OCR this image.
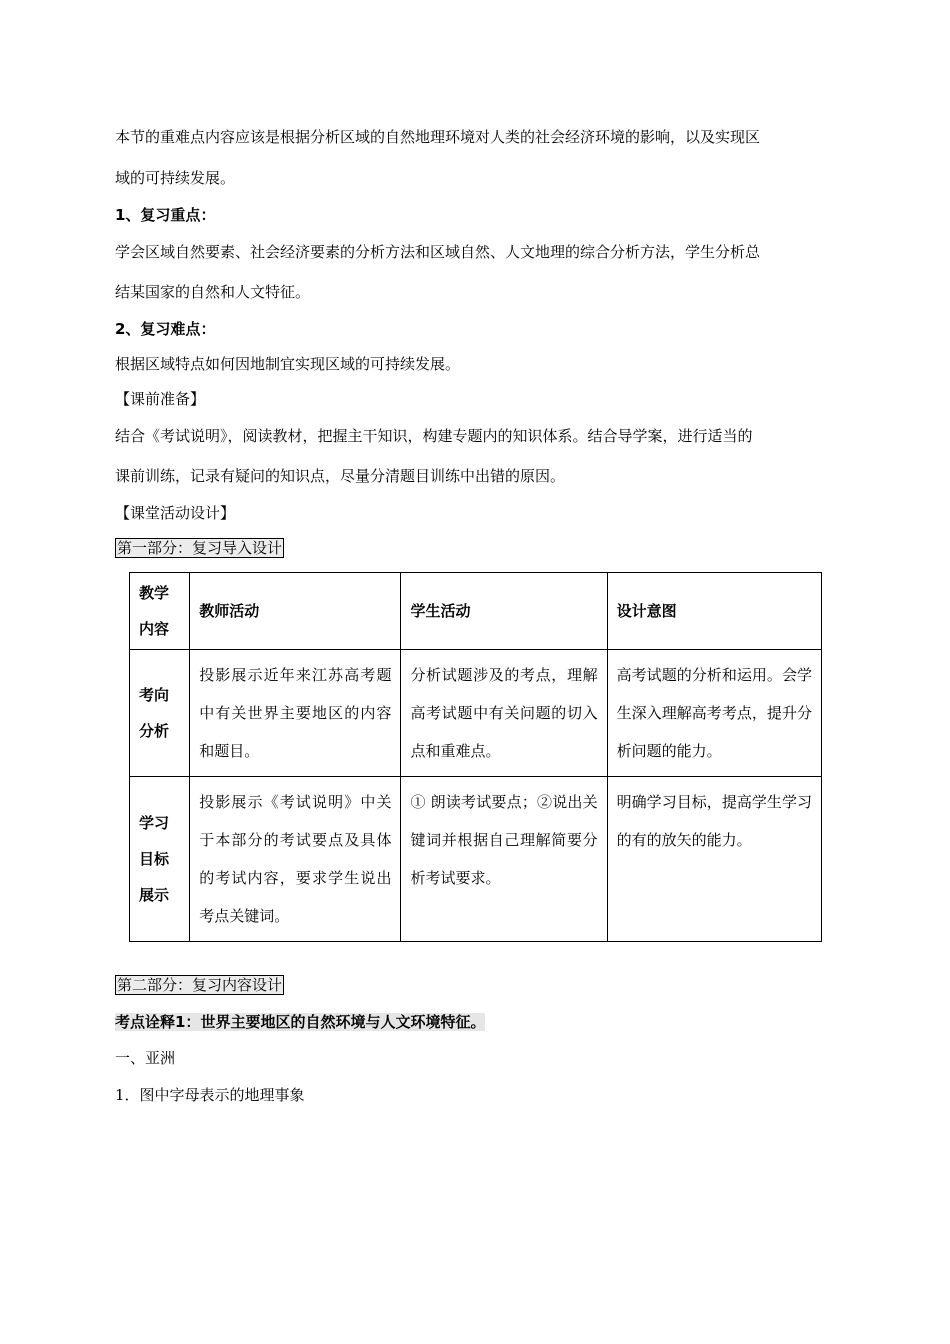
本节的重难点内容应该是根据分析区域的自然地理环境对人类的社会经济环境的影响，以及实现区
域的可持续发展。
1、复习重点：
学会区域自然要素、社会经济要素的分析方法和区域自然、人文地理的综合分析方法，学生分析总
结某国家的自然和人文特征。
2、复习难点：
根据区域特点如何因地制宜实现区域的可持续发展。
【课前准备】
结合《考试说明》，阅读教材，把握主干知识，构建专题内的知识体系。结合导学案，进行适当的
课前训练，记录有疑问的知识点，尽量分清题目训练中出错的原因。
【课堂活动设计】
第一部分：复习导入设计
教学内容	教师活动	学生活动	设计意图
考向分析	投影展示近年来江苏高考题中有关世界主要地区的内容和题目。	分析试题涉及的考点，理解高考试题中有关问题的切入点和重难点。	高考试题的分析和运用。会学生深入理解高考考点，提升分析问题的能力。
学习目标展示	投影展示《考试说明》中关于本部分的考试要点及具体的考试内容，要求学生说出考点关键词。	① 朗读考试要点；②说出关键词并根据自己理解简要分析考试要求。	明确学习目标，提高学生学习的有的放矢的能力。
第二部分：复习内容设计
考点诠释1：世界主要地区的自然环境与人文环境特征。
一、亚洲
1．图中字母表示的地理事象
